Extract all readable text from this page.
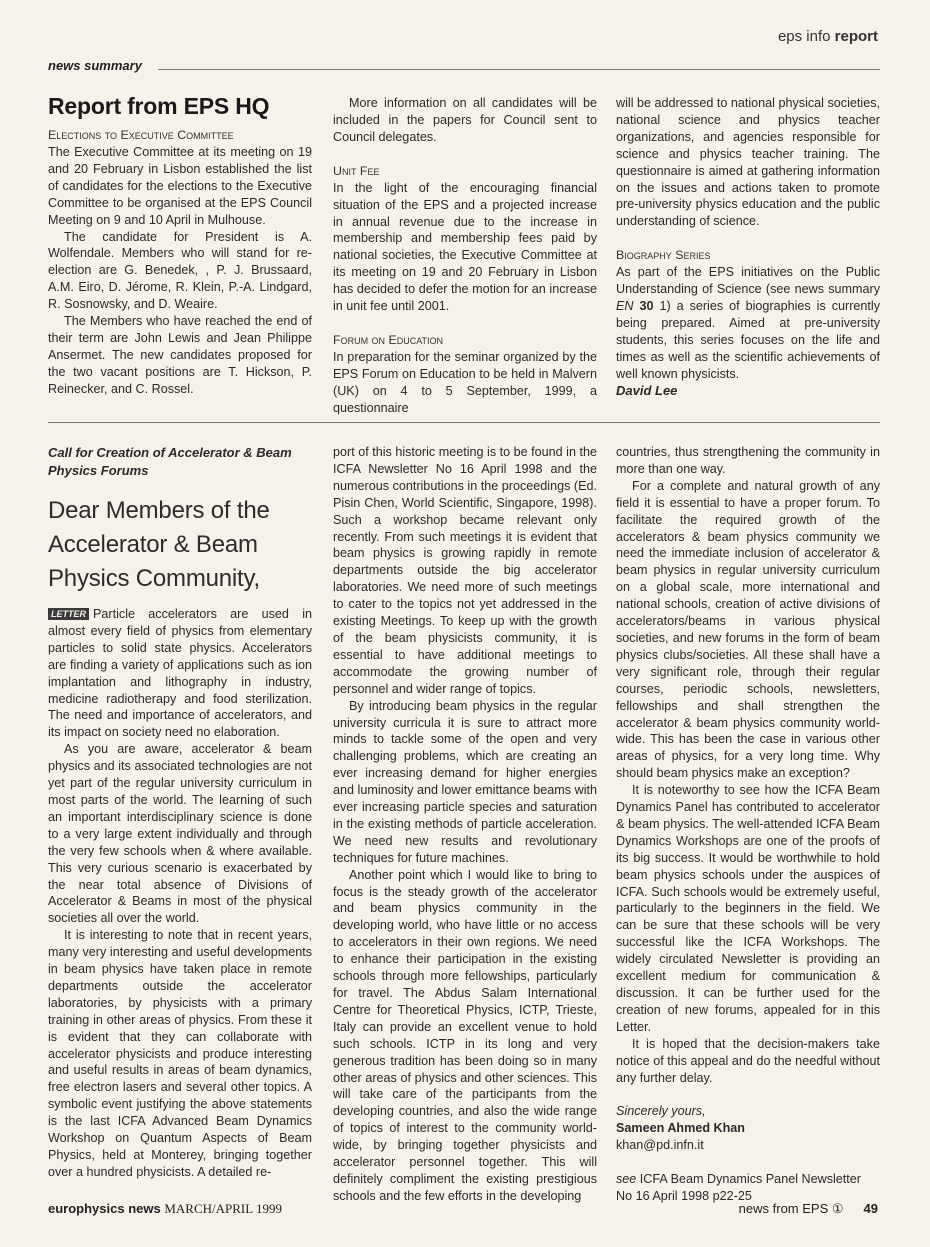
eps info report
news summary
Report from EPS HQ

Elections to Executive Committee

The Executive Committee at its meeting on 19 and 20 February in Lisbon established the list of candidates for the elections to the Executive Committee to be organised at the EPS Council Meeting on 9 and 10 April in Mulhouse.

The candidate for President is A. Wolfendale. Members who will stand for re-election are G. Benedek, , P. J. Brussaard, A.M. Eiro, D. Jérome, R. Klein, P.-A. Lindgard, R. Sosnowsky, and D. Weaire.

The Members who have reached the end of their term are John Lewis and Jean Philippe Ansermet. The new candidates proposed for the two vacant positions are T. Hickson, P. Reinecker, and C. Rossel.

More information on all candidates will be included in the papers for Council sent to Council delegates.

Unit Fee

In the light of the encouraging financial situation of the EPS and a projected increase in annual revenue due to the increase in membership and membership fees paid by national societies, the Executive Committee at its meeting on 19 and 20 February in Lisbon has decided to defer the motion for an increase in unit fee until 2001.

Forum on Education

In preparation for the seminar organized by the EPS Forum on Education to be held in Malvern (UK) on 4 to 5 September, 1999, a questionnaire

will be addressed to national physical societies, national science and physics teacher organizations, and agencies responsible for science and physics teacher training. The questionnaire is aimed at gathering information on the issues and actions taken to promote pre-university physics education and the public understanding of science.

Biography Series

As part of the EPS initiatives on the Public Understanding of Science (see news summary EN 30 1) a series of biographies is currently being prepared. Aimed at pre-university students, this series focuses on the life and times as well as the scientific achievements of well known physicists.

David Lee

Call for Creation of Accelerator & Beam Physics Forums

Dear Members of the Accelerator & Beam Physics Community,

LETTER Particle accelerators are used in almost every field of physics from elementary particles to solid state physics. Accelerators are finding a variety of applications such as ion implantation and lithography in industry, medicine radiotherapy and food sterilization. The need and importance of accelerators, and its impact on society need no elaboration.

As you are aware, accelerator & beam physics and its associated technologies are not yet part of the regular university curriculum in most parts of the world. The learning of such an important interdisciplinary science is done to a very large extent individually and through the very few schools when & where available. This very curious scenario is exacerbated by the near total absence of Divisions of Accelerator & Beams in most of the physical societies all over the world.

It is interesting to note that in recent years, many very interesting and useful developments in beam physics have taken place in remote departments outside the accelerator laboratories, by physicists with a primary training in other areas of physics. From these it is evident that they can collaborate with accelerator physicists and produce interesting and useful results in areas of beam dynamics, free electron lasers and several other topics. A symbolic event justifying the above statements is the last ICFA Advanced Beam Dynamics Workshop on Quantum Aspects of Beam Physics, held at Monterey, bringing together over a hundred physicists. A detailed re-

port of this historic meeting is to be found in the ICFA Newsletter No 16 April 1998 and the numerous contributions in the proceedings (Ed. Pisin Chen, World Scientific, Singapore, 1998). Such a workshop became relevant only recently. From such meetings it is evident that beam physics is growing rapidly in remote departments outside the big accelerator laboratories. We need more of such meetings to cater to the topics not yet addressed in the existing Meetings. To keep up with the growth of the beam physicists community, it is essential to have additional meetings to accommodate the growing number of personnel and wider range of topics.

By introducing beam physics in the regular university curricula it is sure to attract more minds to tackle some of the open and very challenging problems, which are creating an ever increasing demand for higher energies and luminosity and lower emittance beams with ever increasing particle species and saturation in the existing methods of particle acceleration. We need new results and revolutionary techniques for future machines.

Another point which I would like to bring to focus is the steady growth of the accelerator and beam physics community in the developing world, who have little or no access to accelerators in their own regions. We need to enhance their participation in the existing schools through more fellowships, particularly for travel. The Abdus Salam International Centre for Theoretical Physics, ICTP, Trieste, Italy can provide an excellent venue to hold such schools. ICTP in its long and very generous tradition has been doing so in many other areas of physics and other sciences. This will take care of the participants from the developing countries, and also the wide range of topics of interest to the community world-wide, by bringing together physicists and accelerator personnel together. This will definitely compliment the existing prestigious schools and the few efforts in the developing

countries, thus strengthening the community in more than one way.

For a complete and natural growth of any field it is essential to have a proper forum. To facilitate the required growth of the accelerators & beam physics community we need the immediate inclusion of accelerator & beam physics in regular university curriculum on a global scale, more international and national schools, creation of active divisions of accelerators/beams in various physical societies, and new forums in the form of beam physics clubs/societies. All these shall have a very significant role, through their regular courses, periodic schools, newsletters, fellowships and shall strengthen the accelerator & beam physics community world-wide. This has been the case in various other areas of physics, for a very long time. Why should beam physics make an exception?

It is noteworthy to see how the ICFA Beam Dynamics Panel has contributed to accelerator & beam physics. The well-attended ICFA Beam Dynamics Workshops are one of the proofs of its big success. It would be worthwhile to hold beam physics schools under the auspices of ICFA. Such schools would be extremely useful, particularly to the beginners in the field. We can be sure that these schools will be very successful like the ICFA Workshops. The widely circulated Newsletter is providing an excellent medium for communication & discussion. It can be further used for the creation of new forums, appealed for in this Letter.

It is hoped that the decision-makers take notice of this appeal and do the needful without any further delay.

Sincerely yours,

Sameen Ahmed Khan

khan@pd.infn.it

see ICFA Beam Dynamics Panel Newsletter No 16 April 1998 p22-25

europhysics news MARCH/APRIL 1999	news from EPS ① 49
